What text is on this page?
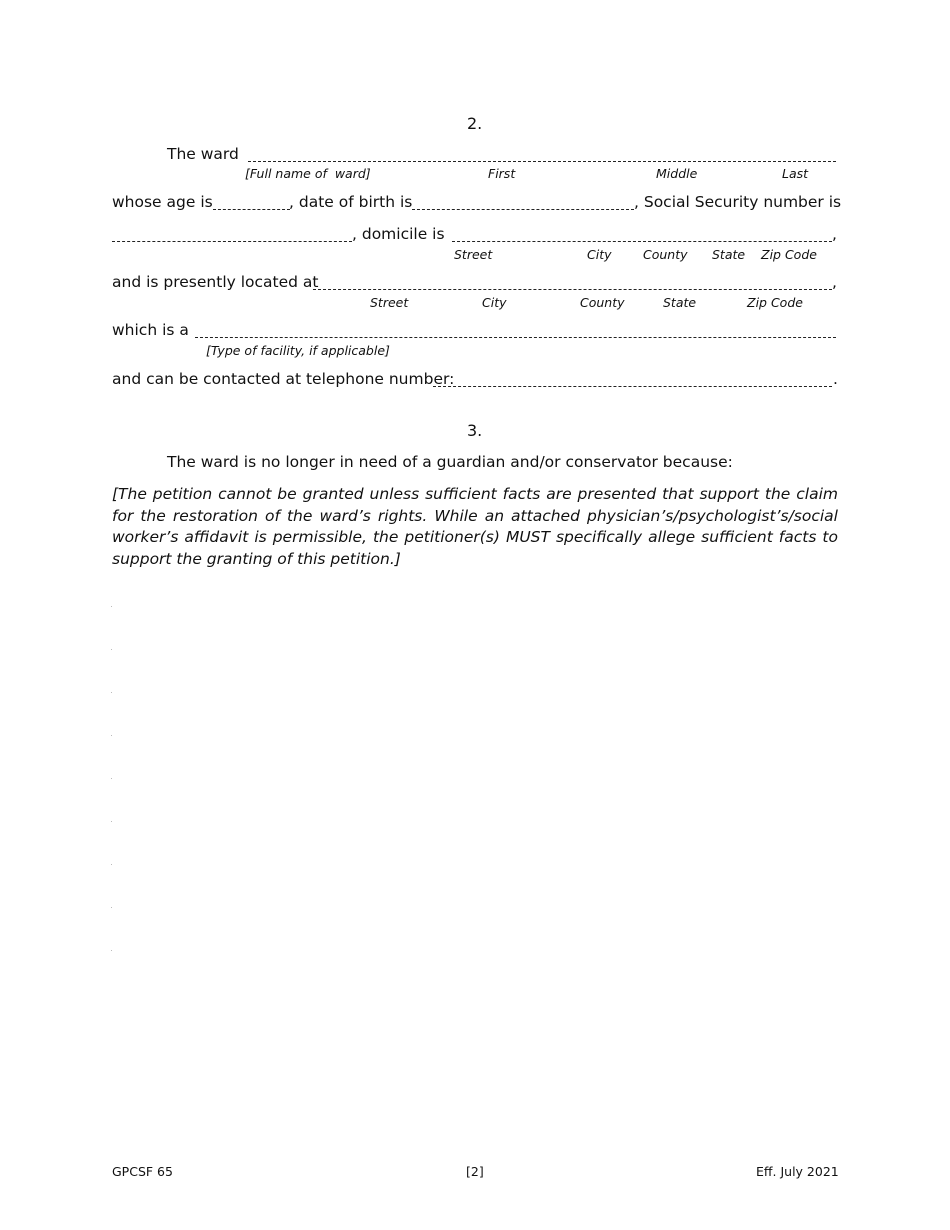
2.
The ward
[Full name of  ward]	First	Middle	Last
whose age is	, date of birth is	, Social Security number is
, domicile is	,
Street	City	County State Zip Code
and is presently located at	,
Street	City	County	State	Zip Code
which is a
[Type of facility, if applicable]
and can be contacted at telephone number:	.
3.
The ward is no longer in need of a guardian and/or conservator because:
[The petition cannot be granted unless sufficient facts are presented that support the claim for the restoration of the ward’s rights. While an attached physician’s/psychologist’s/social worker’s affidavit is permissible, the petitioner(s) MUST specifically allege sufficient facts to support the granting of this petition.]
GPCSF 65	[2]	Eff. July 2021
